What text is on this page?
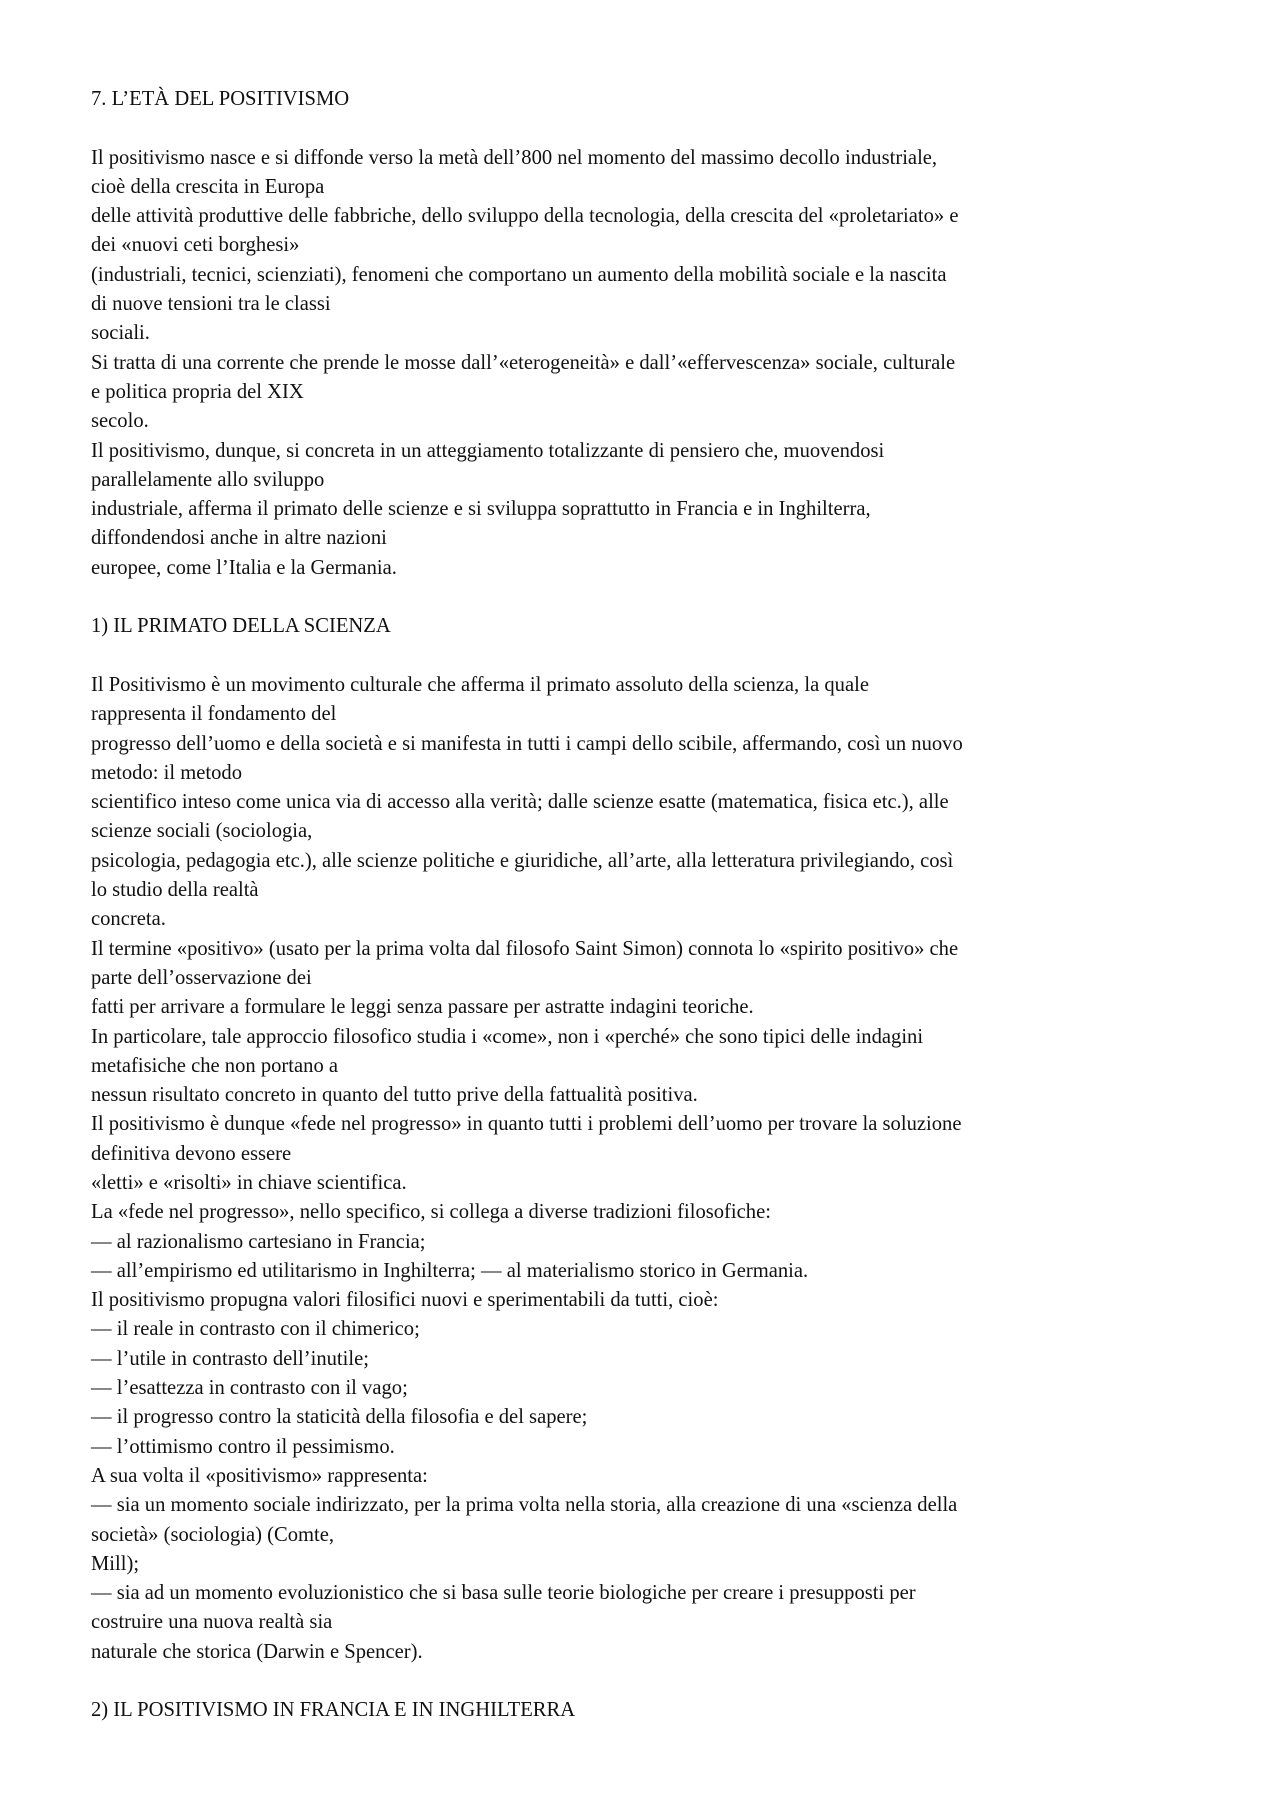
7. L’ETÀ DEL POSITIVISMO
Il positivismo nasce e si diffonde verso la metà dell’800 nel momento del massimo decollo industriale,
cioè della crescita in Europa
delle attività produttive delle fabbriche, dello sviluppo della tecnologia, della crescita del «proletariato» e
dei «nuovi ceti borghesi»
(industriali, tecnici, scienziati), fenomeni che comportano un aumento della mobilità sociale e la nascita
di nuove tensioni tra le classi
sociali.
Si tratta di una corrente che prende le mosse dall’«eterogeneità» e dall’«effervescenza» sociale, culturale
e politica propria del XIX
secolo.
Il positivismo, dunque, si concreta in un atteggiamento totalizzante di pensiero che, muovendosi
parallelamente allo sviluppo
industriale, afferma il primato delle scienze e si sviluppa soprattutto in Francia e in Inghilterra,
diffondendosi anche in altre nazioni
europee, come l’Italia e la Germania.
1) IL PRIMATO DELLA SCIENZA
Il Positivismo è un movimento culturale che afferma il primato assoluto della scienza, la quale
rappresenta il fondamento del
progresso dell’uomo e della società e si manifesta in tutti i campi dello scibile, affermando, così un nuovo
metodo: il metodo
scientifico inteso come unica via di accesso alla verità; dalle scienze esatte (matematica, fisica etc.), alle
scienze sociali (sociologia,
psicologia, pedagogia etc.), alle scienze politiche e giuridiche, all’arte, alla letteratura privilegiando, così
lo studio della realtà
concreta.
Il termine «positivo» (usato per la prima volta dal filosofo Saint Simon) connota lo «spirito positivo» che
parte dell’osservazione dei
fatti per arrivare a formulare le leggi senza passare per astratte indagini teoriche.
In particolare, tale approccio filosofico studia i «come», non i «perché» che sono tipici delle indagini
metafisiche che non portano a
nessun risultato concreto in quanto del tutto prive della fattualità positiva.
Il positivismo è dunque «fede nel progresso» in quanto tutti i problemi dell’uomo per trovare la soluzione
definitiva devono essere
«letti» e «risolti» in chiave scientifica.
La «fede nel progresso», nello specifico, si collega a diverse tradizioni filosofiche:
— al razionalismo cartesiano in Francia;
— all’empirismo ed utilitarismo in Inghilterra; — al materialismo storico in Germania.
Il positivismo propugna valori filosifici nuovi e sperimentabili da tutti, cioè:
— il reale in contrasto con il chimerico;
— l’utile in contrasto dell’inutile;
— l’esattezza in contrasto con il vago;
— il progresso contro la staticità della filosofia e del sapere;
— l’ottimismo contro il pessimismo.
A sua volta il «positivismo» rappresenta:
— sia un momento sociale indirizzato, per la prima volta nella storia, alla creazione di una «scienza della
società» (sociologia) (Comte,
Mill);
— sia ad un momento evoluzionistico che si basa sulle teorie biologiche per creare i presupposti per
costruire una nuova realtà sia
naturale che storica (Darwin e Spencer).
2) IL POSITIVISMO IN FRANCIA E IN INGHILTERRA
